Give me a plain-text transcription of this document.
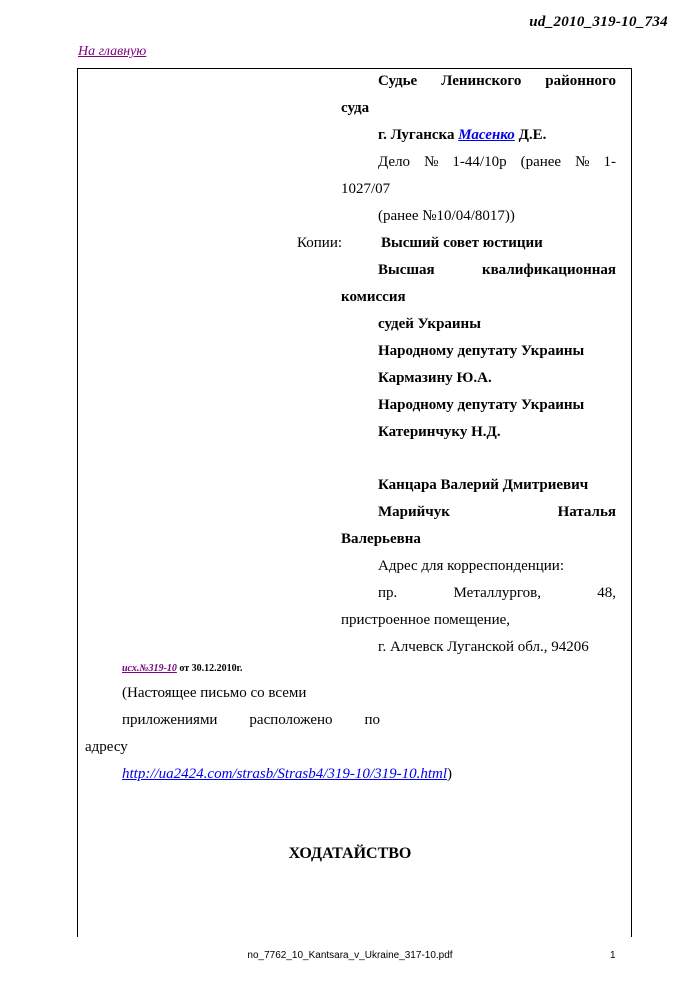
ud_2010_319-10_734
На главную
Судье Ленинского районного
суда
г. Луганска Масенко Д.Е.
Дело № 1-44/10р (ранее № 1-
1027/07
(ранее №10/04/8017))
Копии:	Высший совет юстиции
Высшая	квалификационная
комиссия
судей Украины
Народному депутату Украины
Кармазину Ю.А.
Народному депутату Украины
Катеринчуку Н.Д.
Канцара Валерий Дмитриевич
Марийчук	Наталья
Валерьевна
Адрес для корреспонденции:
пр.	Металлургов,	48,
пристроенное помещение,
г. Алчевск Луганской обл., 94206
исх.№319-10 от 30.12.2010г.
(Настоящее письмо со всеми
приложениями расположено по
адресу
http://ua2424.com/strasb/Strasb4/319-10/319-10.html)
ХОДАТАЙСТВО
no_7762_10_Kantsara_v_Ukraine_317-10.pdf	1
